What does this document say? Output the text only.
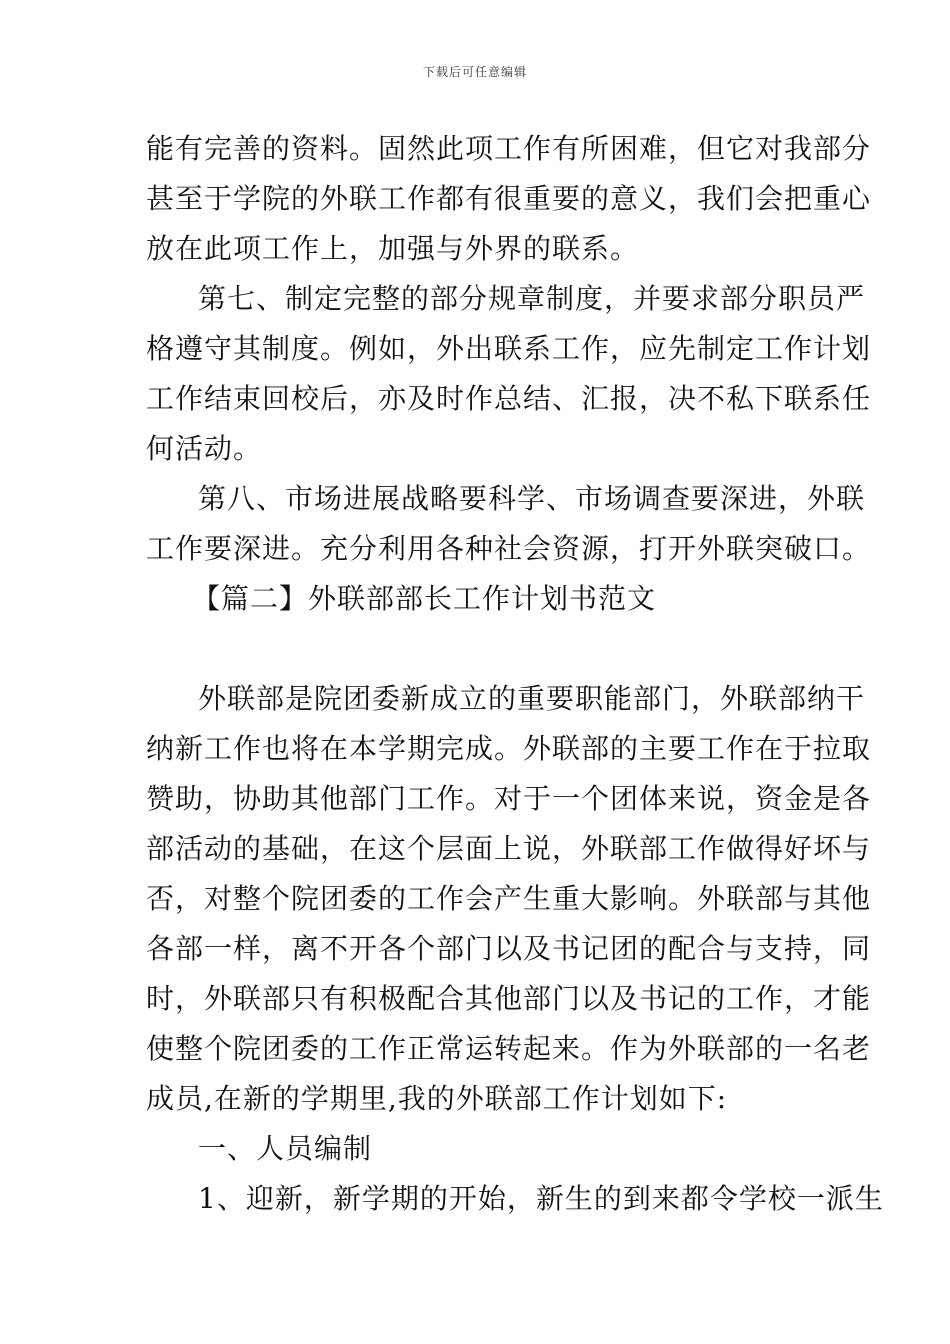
下载后可任意编辑
能有完善的资料。固然此项工作有所困难，但它对我部分
甚至于学院的外联工作都有很重要的意义，我们会把重心
放在此项工作上，加强与外界的联系。
第七、制定完整的部分规章制度，并要求部分职员严
格遵守其制度。例如，外出联系工作，应先制定工作计划
工作结束回校后，亦及时作总结、汇报，决不私下联系任
何活动。
第八、市场进展战略要科学、市场调查要深进，外联
工作要深进。充分利用各种社会资源，打开外联突破口。
【篇二】外联部部长工作计划书范文
外联部是院团委新成立的重要职能部门，外联部纳干
纳新工作也将在本学期完成。外联部的主要工作在于拉取
赞助，协助其他部门工作。对于一个团体来说，资金是各
部活动的基础，在这个层面上说，外联部工作做得好坏与
否，对整个院团委的工作会产生重大影响。外联部与其他
各部一样，离不开各个部门以及书记团的配合与支持，同
时，外联部只有积极配合其他部门以及书记的工作，才能
使整个院团委的工作正常运转起来。作为外联部的一名老
成员,在新的学期里,我的外联部工作计划如下:
一、人员编制
1、迎新，新学期的开始，新生的到来都令学校一派生
